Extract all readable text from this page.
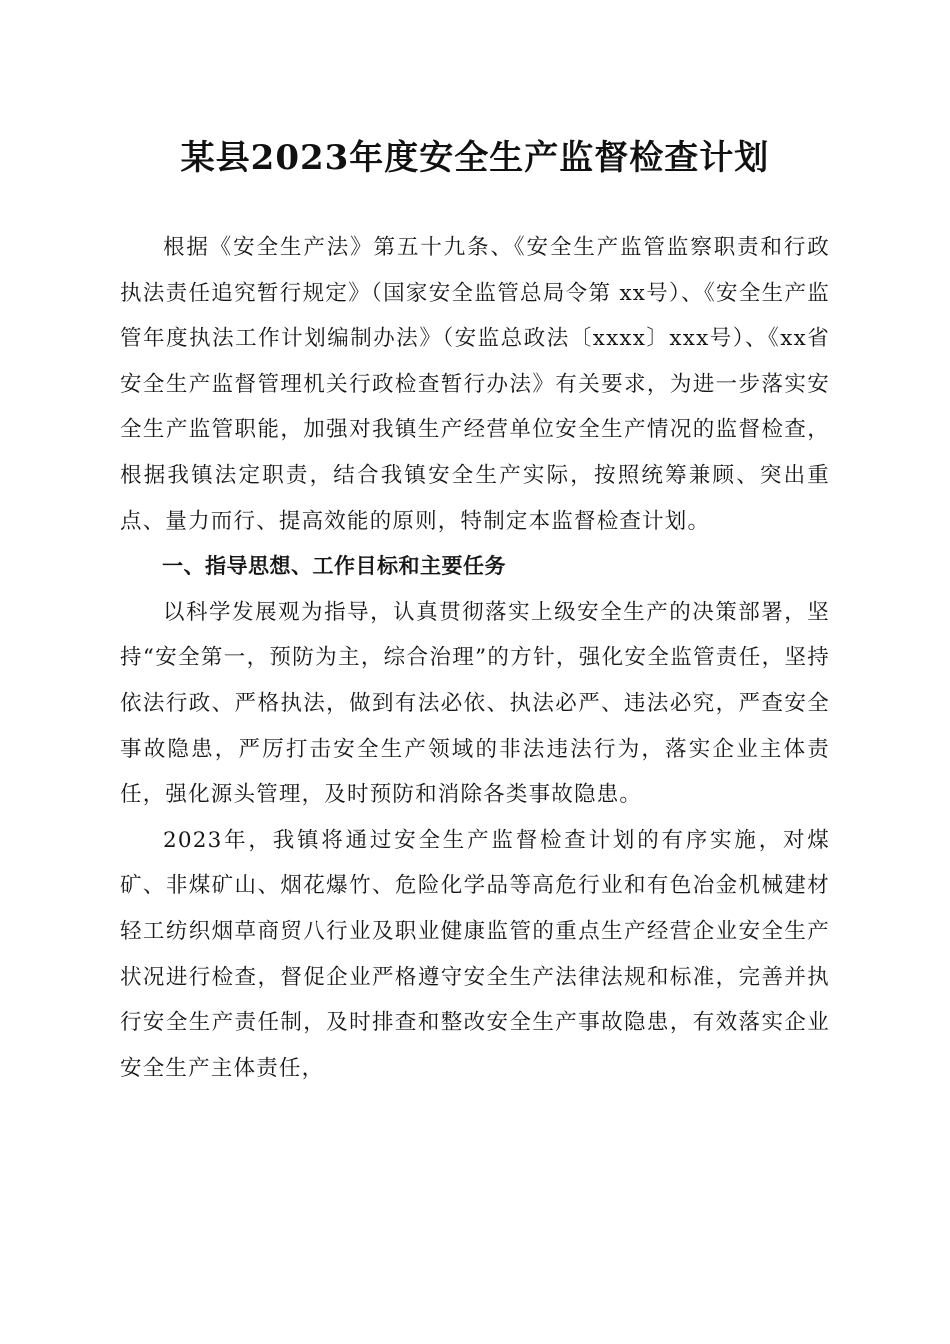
某县2023年度安全生产监督检查计划

根据《安全生产法》第五十九条、《安全生产监管监察职责和行政执法责任追究暂行规定》（国家安全监管总局令第 xx号）、《安全生产监管年度执法工作计划编制办法》（安监总政法〔xxxx〕xxx号）、《xx省安全生产监督管理机关行政检查暂行办法》有关要求，为进一步落实安全生产监管职能，加强对我镇生产经营单位安全生产情况的监督检查，根据我镇法定职责，结合我镇安全生产实际，按照统筹兼顾、突出重点、量力而行、提高效能的原则，特制定本监督检查计划。

一、指导思想、工作目标和主要任务

以科学发展观为指导，认真贯彻落实上级安全生产的决策部署，坚持“安全第一，预防为主，综合治理”的方针，强化安全监管责任，坚持依法行政、严格执法，做到有法必依、执法必严、违法必究，严查安全事故隐患，严厉打击安全生产领域的非法违法行为，落实企业主体责任，强化源头管理，及时预防和消除各类事故隐患。

2023年，我镇将通过安全生产监督检查计划的有序实施，对煤矿、非煤矿山、烟花爆竹、危险化学品等高危行业和有色冶金机械建材轻工纺织烟草商贸八行业及职业健康监管的重点生产经营企业安全生产状况进行检查，督促企业严格遵守安全生产法律法规和标准，完善并执行安全生产责任制，及时排查和整改安全生产事故隐患，有效落实企业安全生产主体责任，
